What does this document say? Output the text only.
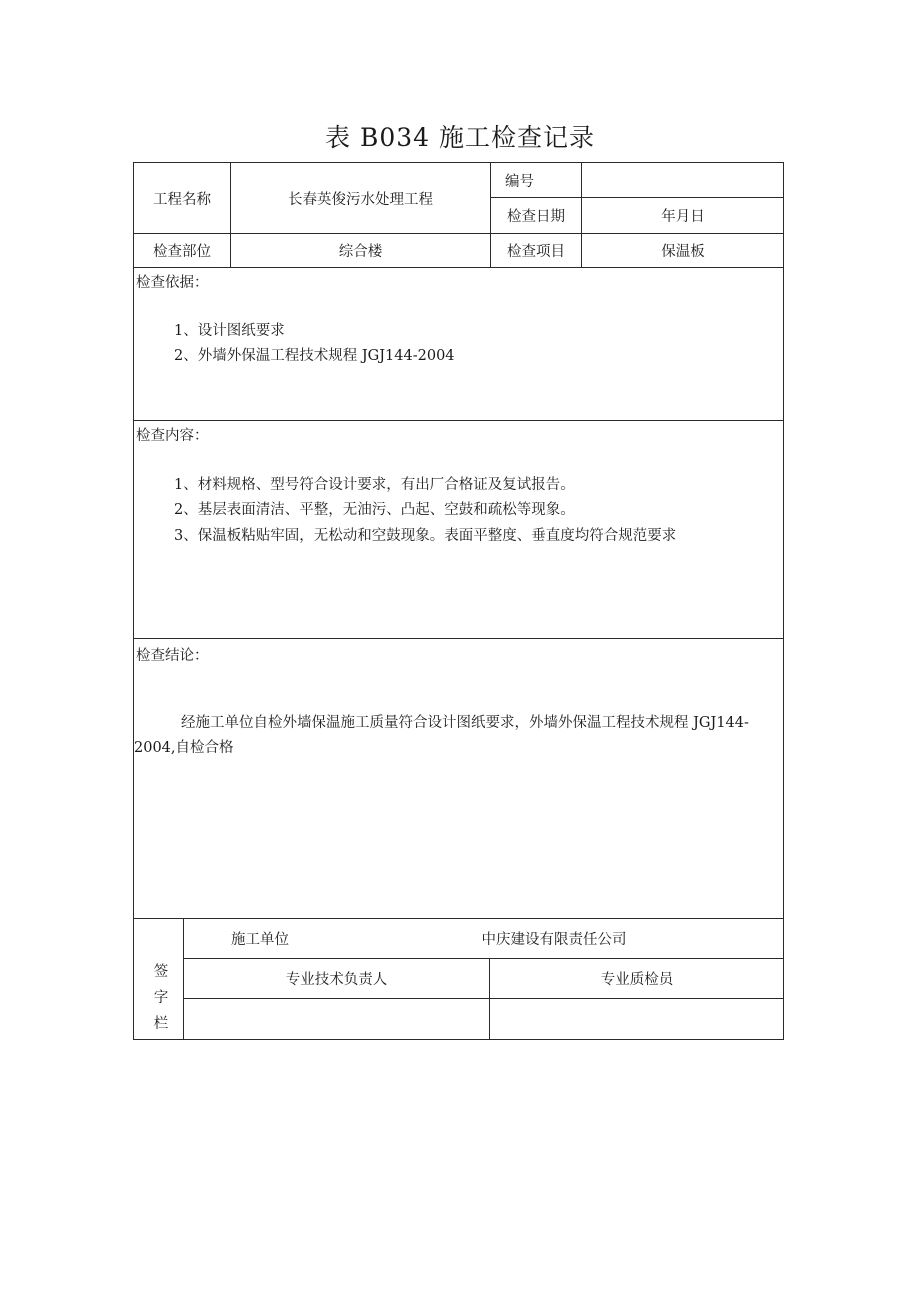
表 B034 施工检查记录
工程名称	长春英俊污水处理工程
编号
检查日期	年月日
检查部位	综合楼	检查项目	保温板
检查依据：
1、设计图纸要求
2、外墙外保温工程技术规程 JGJ144-2004
检查内容：
1、材料规格、型号符合设计要求，有出厂合格证及复试报告。
2、基层表面清洁、平整，无油污、凸起、空鼓和疏松等现象。
3、保温板粘贴牢固，无松动和空鼓现象。表面平整度、垂直度均符合规范要求
检查结论：
经施工单位自检外墙保温施工质量符合设计图纸要求，外墙外保温工程技术规程 JGJ144-2004,自检合格
签字
栏
施工单位	中庆建设有限责任公司
专业技术负责人	专业质检员
